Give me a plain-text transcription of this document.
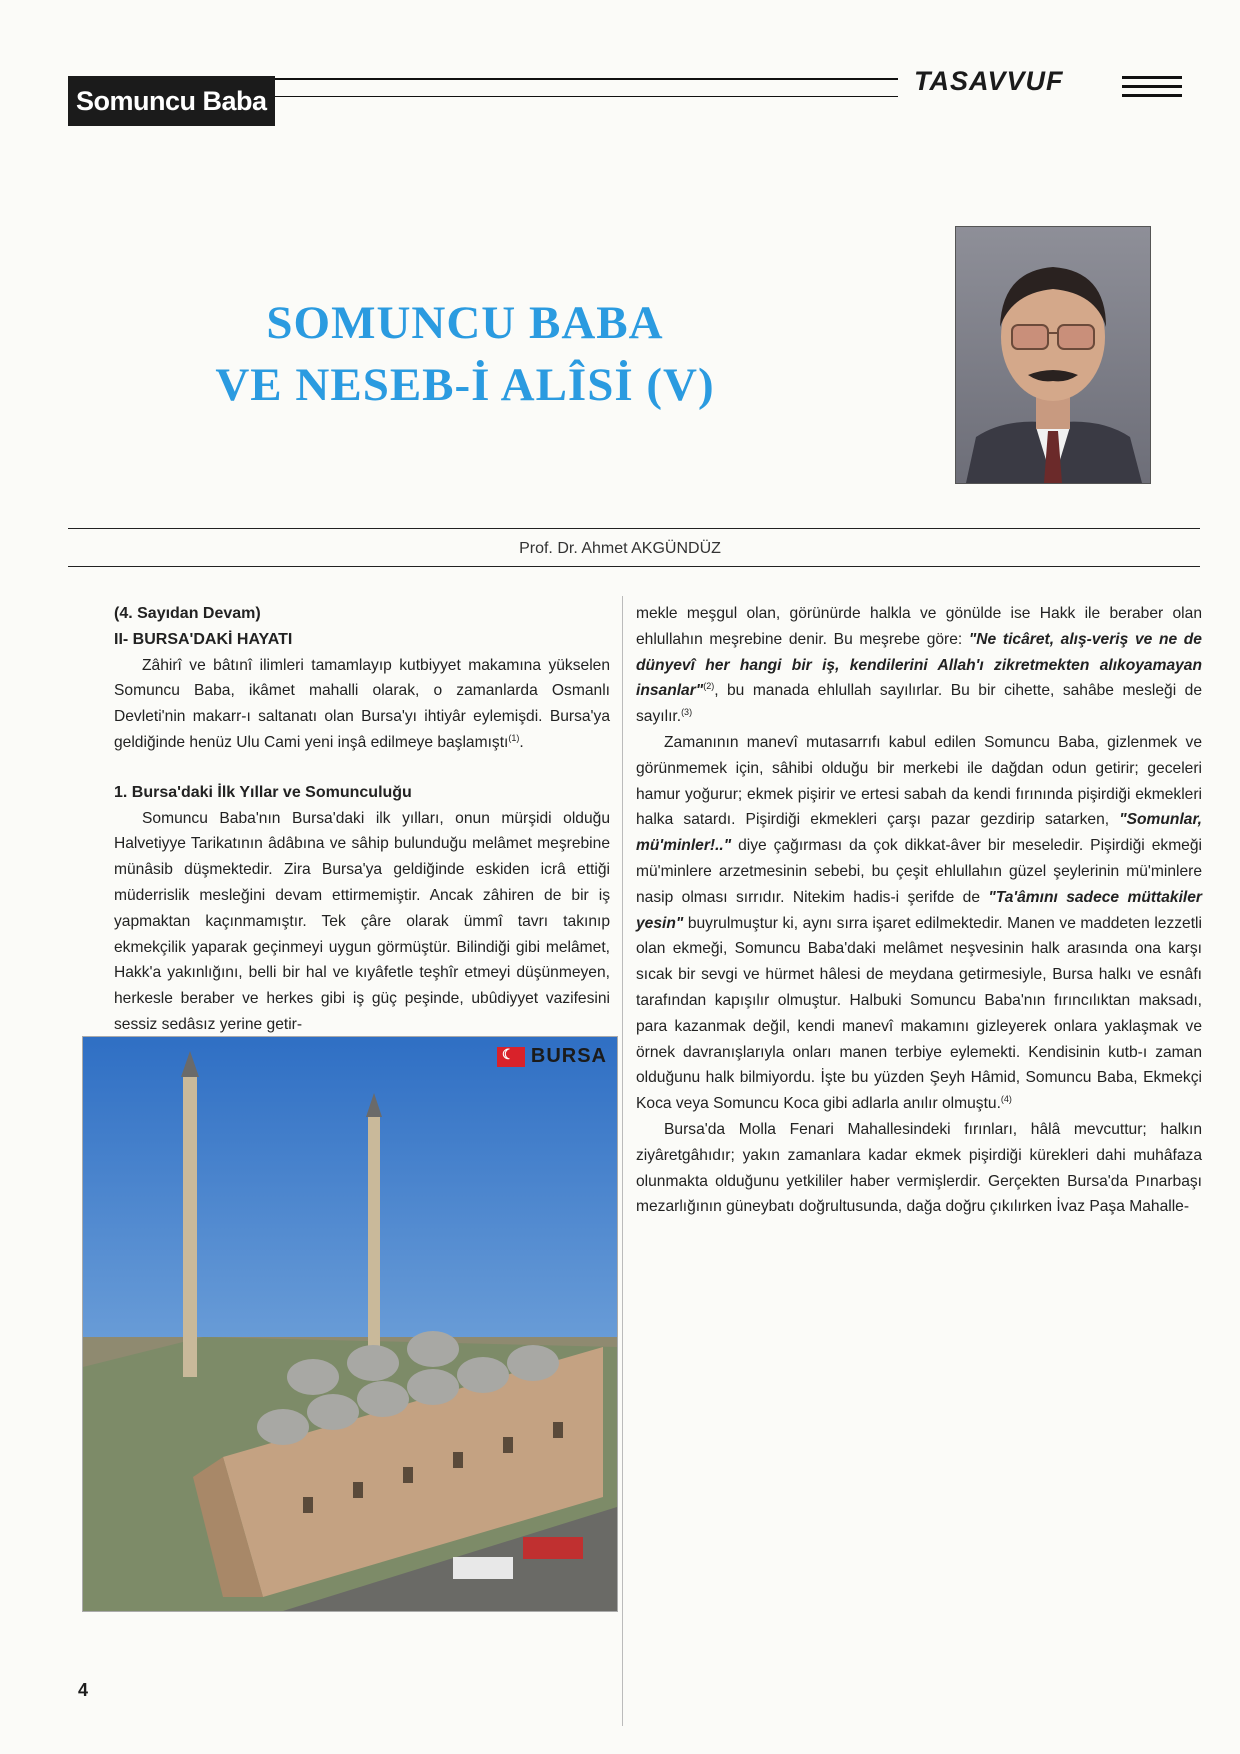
Somuncu Baba
TASAVVUF
SOMUNCU BABA
VE NESEB-İ ALÎSİ (V)
Prof. Dr. Ahmet AKGÜNDÜZ
(4. Sayıdan Devam)
II- BURSA'DAKİ HAYATI

Zâhirî ve bâtınî ilimleri tamamlayıp kutbiyyet makamına yükselen Somuncu Baba, ikâmet mahalli olarak, o zamanlarda Osmanlı Devleti'nin makarr-ı saltanatı olan Bursa'yı ihtiyâr eylemişdi. Bursa'ya geldiğinde henüz Ulu Cami yeni inşâ edilmeye başlamıştı$^{(1)}$.

1. Bursa'daki İlk Yıllar ve Somunculuğu

Somuncu Baba'nın Bursa'daki ilk yılları, onun mürşidi olduğu Halvetiyye Tarikatının âdâbına ve sâhip bulunduğu melâmet meşrebine münâsib düşmektedir. Zira Bursa'ya geldiğinde eskiden icrâ ettiği müderrislik mesleğini devam ettirmemiştir. Ancak zâhiren de bir iş yapmaktan kaçınmamıştır. Tek çâre olarak ümmî tavrı takınıp ekmekçilik yaparak geçinmeyi uygun görmüştür. Bilindiği gibi melâmet, Hakk'a yakınlığını, belli bir hal ve kıyâfetle teşhîr etmeyi düşünmeyen, herkesle beraber ve herkes gibi iş güç peşinde, ubûdiyyet vazifesini sessiz sedâsız yerine getir-

mekle meşgul olan, görünürde halkla ve gönülde ise Hakk ile beraber olan ehlullahın meşrebine denir. Bu meşrebe göre: "Ne ticâret, alış-veriş ve ne de dünyevî her hangi bir iş, kendilerini Allah'ı zikretmekten alıkoyamayan insanlar"$^{(2)}$, bu manada ehlullah sayılırlar. Bu bir cihette, sahâbe mesleği de sayılır.$^{(3)}$

Zamanının manevî mutasarrıfı kabul edilen Somuncu Baba, gizlenmek ve görünmemek için, sâhibi olduğu bir merkebi ile dağdan odun getirir; geceleri hamur yoğurur; ekmek pişirir ve ertesi sabah da kendi fırınında pişirdiği ekmekleri halka satardı. Pişirdiği ekmekleri çarşı pazar gezdirip satarken, "Somunlar, mü'minler!.." diye çağırması da çok dikkat-âver bir meseledir. Pişirdiği ekmeği mü'minlere arzetmesinin sebebi, bu çeşit ehlullahın güzel şeylerinin mü'minlere nasip olması sırrıdır. Nitekim hadis-i şerifde de "Ta'âmını sadece müttakiler yesin" buyrulmuştur ki, aynı sırra işaret edilmektedir. Manen ve maddeten lezzetli olan ekmeği, Somuncu Baba'daki melâmet neşvesinin halk arasında ona karşı sıcak bir sevgi ve hürmet hâlesi de meydana getirmesiyle, Bursa halkı ve esnâfı tarafından kapışılır olmuştur. Halbuki Somuncu Baba'nın fırıncılıktan maksadı, para kazanmak değil, kendi manevî makamını gizleyerek onlara yaklaşmak ve örnek davranışlarıyla onları manen terbiye eylemekti. Kendisinin kutb-ı zaman olduğunu halk bilmiyordu. İşte bu yüzden Şeyh Hâmid, Somuncu Baba, Ekmekçi Koca veya Somuncu Koca gibi adlarla anılır olmuştu.$^{(4)}$

Bursa'da Molla Fenari Mahallesindeki fırınları, hâlâ mevcuttur; halkın ziyâretgâhıdır; yakın zamanlara kadar ekmek pişirdiği kürekleri dahi muhâfaza olunmakta olduğunu yetkililer haber vermişlerdir. Gerçekten Bursa'da Pınarbaşı mezarlığının güneybatı doğrultusunda, dağa doğru çıkılırken İvaz Paşa Mahalle-

☾
BURSA
4
